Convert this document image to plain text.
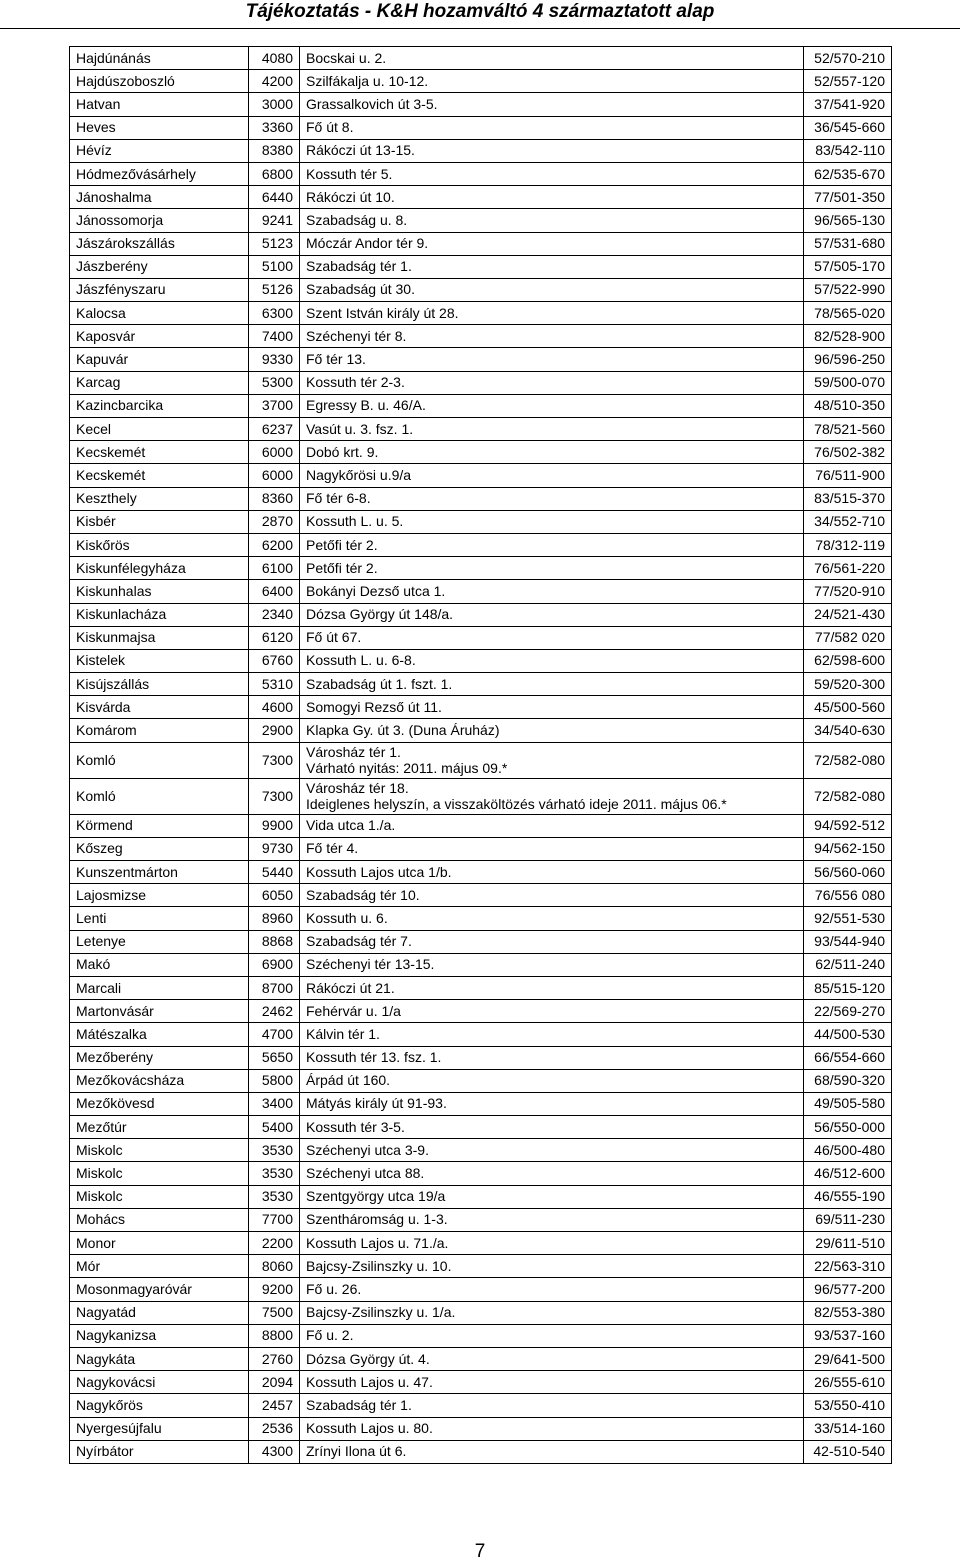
Tájékoztatás - K&H hozamváltó 4 származtatott alap
Hajdúnánás	4080	Bocskai u. 2.	52/570-210
Hajdúszoboszló	4200	Szilfákalja u. 10-12.	52/557-120
Hatvan	3000	Grassalkovich út 3-5.	37/541-920
Heves	3360	Fő út 8.	36/545-660
Hévíz	8380	Rákóczi út 13-15.	83/542-110
Hódmezővásárhely	6800	Kossuth tér 5.	62/535-670
Jánoshalma	6440	Rákóczi út 10.	77/501-350
Jánossomorja	9241	Szabadság u. 8.	96/565-130
Jászárokszállás	5123	Móczár Andor tér 9.	57/531-680
Jászberény	5100	Szabadság tér 1.	57/505-170
Jászfényszaru	5126	Szabadság út 30.	57/522-990
Kalocsa	6300	Szent István király út 28.	78/565-020
Kaposvár	7400	Széchenyi tér 8.	82/528-900
Kapuvár	9330	Fő tér 13.	96/596-250
Karcag	5300	Kossuth tér 2-3.	59/500-070
Kazincbarcika	3700	Egressy B. u. 46/A.	48/510-350
Kecel	6237	Vasút u. 3. fsz. 1.	78/521-560
Kecskemét	6000	Dobó krt. 9.	76/502-382
Kecskemét	6000	Nagykőrösi u.9/a	76/511-900
Keszthely	8360	Fő tér 6-8.	83/515-370
Kisbér	2870	Kossuth L. u. 5.	34/552-710
Kiskőrös	6200	Petőfi tér 2.	78/312-119
Kiskunfélegyháza	6100	Petőfi tér 2.	76/561-220
Kiskunhalas	6400	Bokányi Dezső utca 1.	77/520-910
Kiskunlacháza	2340	Dózsa György út 148/a.	24/521-430
Kiskunmajsa	6120	Fő út 67.	77/582 020
Kistelek	6760	Kossuth L. u. 6-8.	62/598-600
Kisújszállás	5310	Szabadság út 1. fszt. 1.	59/520-300
Kisvárda	4600	Somogyi Rezső út 11.	45/500-560
Komárom	2900	Klapka Gy. út 3. (Duna Áruház)	34/540-630
Komló	7300	Városház tér 1.
Várható nyitás: 2011. május 09.*	72/582-080
Komló	7300	Városház tér 18.
Ideiglenes helyszín, a visszaköltözés várható ideje 2011. május 06.*	72/582-080
Körmend	9900	Vida utca 1./a.	94/592-512
Kőszeg	9730	Fő tér 4.	94/562-150
Kunszentmárton	5440	Kossuth Lajos utca 1/b.	56/560-060
Lajosmizse	6050	Szabadság tér 10.	76/556 080
Lenti	8960	Kossuth u. 6.	92/551-530
Letenye	8868	Szabadság tér 7.	93/544-940
Makó	6900	Széchenyi tér 13-15.	62/511-240
Marcali	8700	Rákóczi út 21.	85/515-120
Martonvásár	2462	Fehérvár u. 1/a	22/569-270
Mátészalka	4700	Kálvin tér 1.	44/500-530
Mezőberény	5650	Kossuth tér 13. fsz. 1.	66/554-660
Mezőkovácsháza	5800	Árpád út 160.	68/590-320
Mezőkövesd	3400	Mátyás király út 91-93.	49/505-580
Mezőtúr	5400	Kossuth tér 3-5.	56/550-000
Miskolc	3530	Széchenyi utca 3-9.	46/500-480
Miskolc	3530	Széchenyi utca 88.	46/512-600
Miskolc	3530	Szentgyörgy utca 19/a	46/555-190
Mohács	7700	Szentháromság u. 1-3.	69/511-230
Monor	2200	Kossuth Lajos u. 71./a.	29/611-510
Mór	8060	Bajcsy-Zsilinszky u. 10.	22/563-310
Mosonmagyaróvár	9200	Fő u. 26.	96/577-200
Nagyatád	7500	Bajcsy-Zsilinszky u. 1/a.	82/553-380
Nagykanizsa	8800	Fő u. 2.	93/537-160
Nagykáta	2760	Dózsa György út. 4.	29/641-500
Nagykovácsi	2094	Kossuth Lajos u. 47.	26/555-610
Nagykőrös	2457	Szabadság tér 1.	53/550-410
Nyergesújfalu	2536	Kossuth Lajos u. 80.	33/514-160
Nyírbátor	4300	Zrínyi Ilona út 6.	42-510-540
7
